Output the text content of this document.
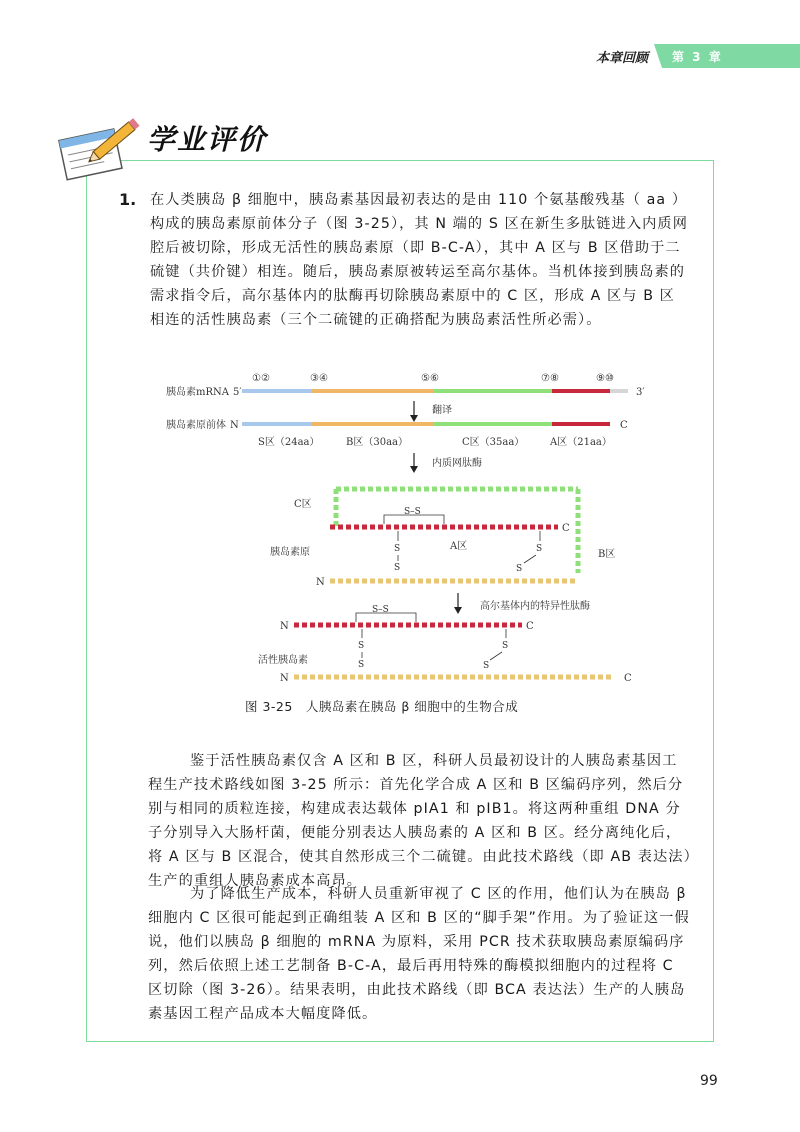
本章回顾 第 3 章
学业评价
1. 在人类胰岛 β 细胞中，胰岛素基因最初表达的是由 110 个氨基酸残基（ aa ）构成的胰岛素原前体分子（图 3-25），其 N 端的 S 区在新生多肽链进入内质网腔后被切除，形成无活性的胰岛素原（即 B-C-A），其中 A 区与 B 区借助于二硫键（共价键）相连。随后，胰岛素原被转运至高尔基体。当机体接到胰岛素的需求指令后，高尔基体内的肽酶再切除胰岛素原中的 C 区，形成 A 区与 B 区相连的活性胰岛素（三个二硫键的正确搭配为胰岛素活性所必需）。

胰岛素mRNA 5′
①②	③④	⑤⑥	⑦⑧	⑨⑩
3′
翻译
胰岛素原前体 N	C
S区（24aa）	B区（30aa）	C区（35aa）	A区（21aa）
内质网肽酶
C区
C
S–S
A区
胰岛素原	B区
S
S
S
S
N
高尔基体内的特异性肽酶
S–S
N	C
S
S
S
S
活性胰岛素
N	C
图 3-25　人胰岛素在胰岛 β 细胞中的生物合成

鉴于活性胰岛素仅含 A 区和 B 区，科研人员最初设计的人胰岛素基因工程生产技术路线如图 3-25 所示：首先化学合成 A 区和 B 区编码序列，然后分别与相同的质粒连接，构建成表达载体 pⅠA1 和 pⅠB1。将这两种重组 DNA 分子分别导入大肠杆菌，便能分别表达人胰岛素的 A 区和 B 区。经分离纯化后，将 A 区与 B 区混合，使其自然形成三个二硫键。由此技术路线（即 AB 表达法）生产的重组人胰岛素成本高昂。

为了降低生产成本，科研人员重新审视了 C 区的作用，他们认为在胰岛 β 细胞内 C 区很可能起到正确组装 A 区和 B 区的“脚手架”作用。为了验证这一假说，他们以胰岛 β 细胞的 mRNA 为原料，采用 PCR 技术获取胰岛素原编码序列，然后依照上述工艺制备 B-C-A，最后再用特殊的酶模拟细胞内的过程将 C 区切除（图 3-26）。结果表明，由此技术路线（即 BCA 表达法）生产的人胰岛素基因工程产品成本大幅度降低。

99
